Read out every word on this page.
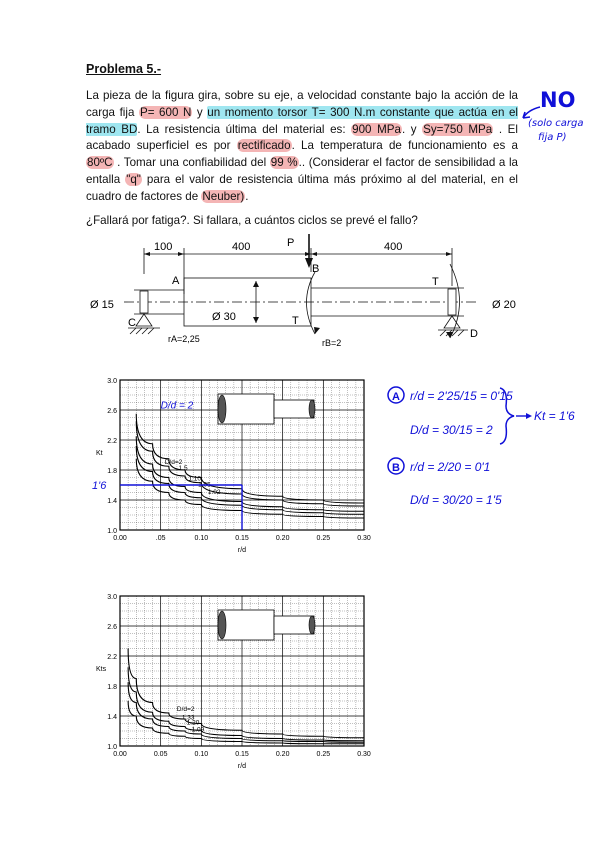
Problema 5.-
La pieza de la figura gira, sobre su eje, a velocidad constante bajo la acción de la carga fija P= 600 N y un momento torsor T= 300 N.m constante que actúa en el tramo BD. La resistencia última del material es: 900 MPa. y Sy=750 MPa . El acabado superficiel es por rectificado. La temperatura de funcionamiento es a 80ºC . Tomar una confiabilidad del 99 %.. (Considerar el factor de sensibilidad a la entalla "q" para el valor de resistencia última más próximo al del material, en el cuadro de factores de Neuber).
¿Fallará por fatiga?. Si fallara, a cuántos ciclos se prevé el fallo?
NO
(solo carga
fija P)
100	400	400
P
A
B
C
D
T
T
Ø 15
Ø 30
Ø 20
rA=2,25	rB=2
0.00	.05	0.10	0.15	0.20	0.25	0.30
1.0
1.4
1.8
2.2
2.6
3.0
r/d
Kt
D/d=2
1.5
1.10
1.05
1.02
1'6
D/d = 2
0.00	0.05	0.10	0.15	0.20	0.25	0.30
1.0
1.4
1.8
2.2
2.6
3.0
r/d
Kts
D/d=2
1.33
1.20
1.09
A r/d = 2'25/15 = 0'15
D/d = 30/15 = 2
Kt = 1'6
B r/d = 2/20 = 0'1
D/d = 30/20 = 1'5
